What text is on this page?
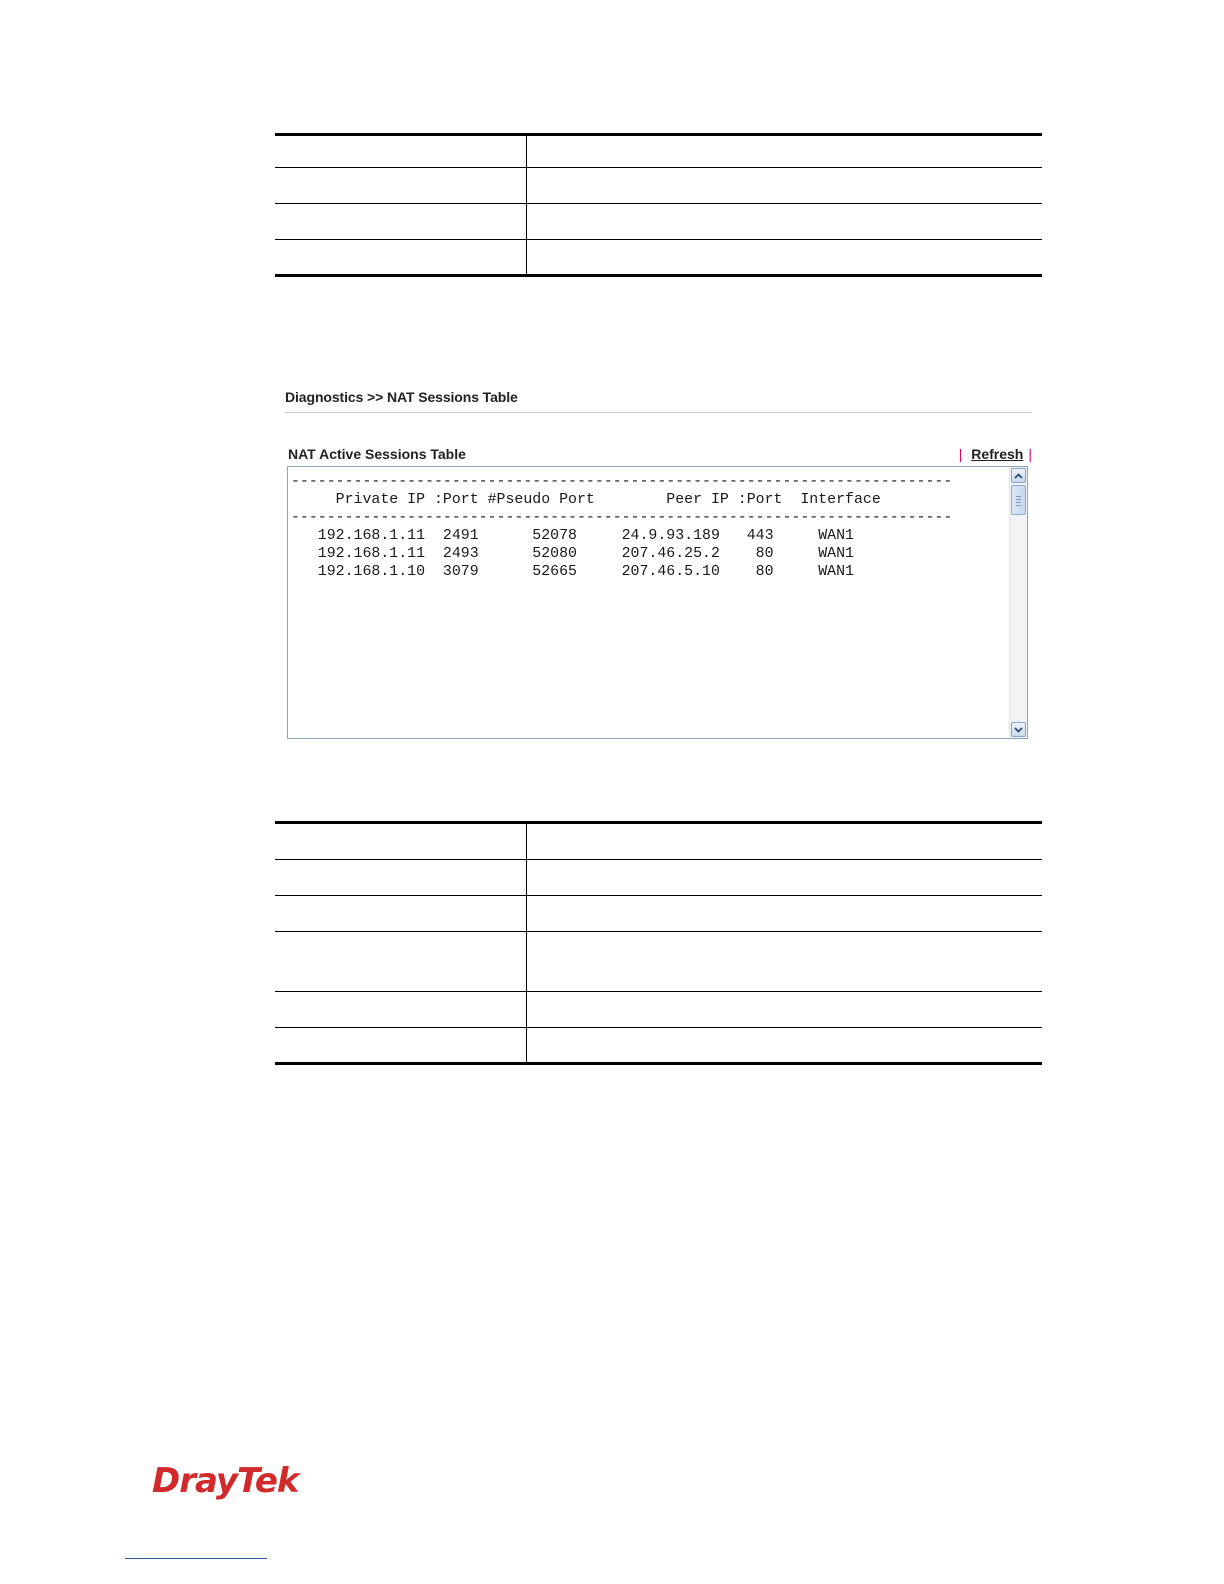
Diagnostics >> NAT Sessions Table
NAT Active Sessions Table	| Refresh |
--------------------------------------------------------------------------
Private IP :Port #Pseudo Port        Peer IP :Port  Interface
--------------------------------------------------------------------------
192.168.1.11  2491      52078     24.9.93.189   443     WAN1
192.168.1.11  2493      52080     207.46.25.2    80     WAN1
192.168.1.10  3079      52665     207.46.5.10    80     WAN1

DrayTek
